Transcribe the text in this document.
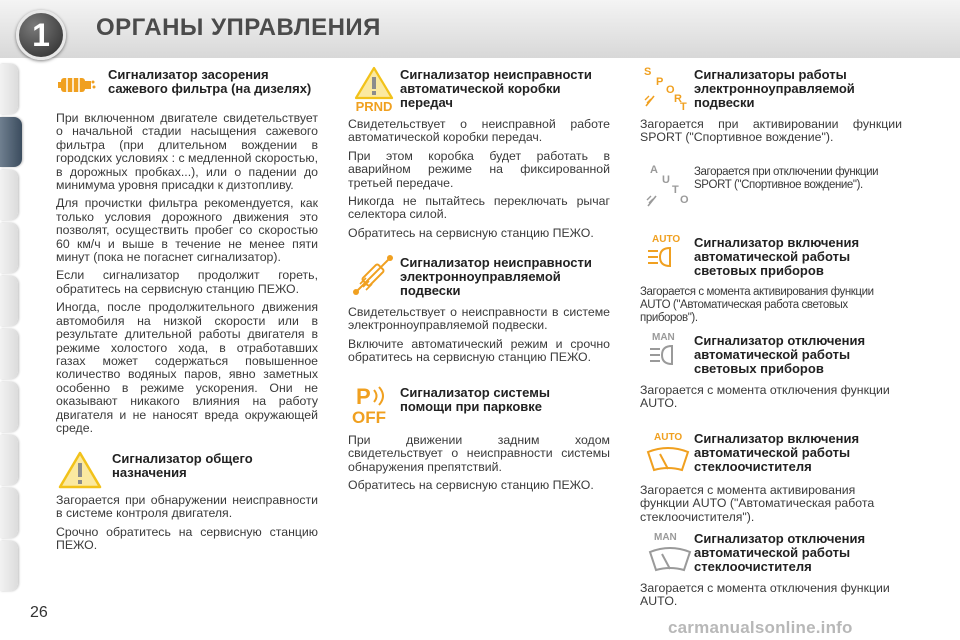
1 ОРГАНЫ УПРАВЛЕНИЯ
Сигнализатор засорения сажевого фильтра (на дизелях)

При включенном двигателе свидетельствует о начальной стадии насыщения сажевого фильтра (при длительном вождении в городских условиях : с медленной скоростью, в дорожных пробках...), или о падении до минимума уровня присадки к дизтопливу.

Для прочистки фильтра рекомендуется, как только условия дорожного движения это позволят, осуществить пробег со скоростью 60 км/ч и выше в течение не менее пяти минут (пока не погаснет сигнализатор).

Если сигнализатор продолжит гореть, обратитесь на сервисную станцию ПЕЖО.

Иногда, после продолжительного движения автомобиля на низкой скорости или в результате длительной работы двигателя в режиме холостого хода, в отработавших газах может содержаться повышенное количество водяных паров, явно заметных особенно в режиме ускорения. Они не оказывают никакого влияния на работу двигателя и не наносят вреда окружающей среде.

Сигнализатор общего назначения

Загорается при обнаружении неисправности в системе контроля двигателя.

Срочно обратитесь на сервисную станцию ПЕЖО.

PRND
Сигнализатор неисправности автоматической коробки передач

Свидетельствует о неисправной работе автоматической коробки передач.

При этом коробка будет работать в аварийном режиме на фиксированной третьей передаче.

Никогда не пытайтесь переключать рычаг селектора силой.

Обратитесь на сервисную станцию ПЕЖО.

Сигнализатор неисправности электронноуправляемой подвески

Свидетельствует о неисправности в системе электронноуправляемой подвески.

Включите автоматический режим и срочно обратитесь на сервисную станцию ПЕЖО.

P
OFF
Сигнализатор системы помощи при парковке

При движении задним ходом свидетельствует о неисправности системы обнаружения препятствий.

Обратитесь на сервисную станцию ПЕЖО.

S
P
O
R
T
Сигнализаторы работы электронноуправляемой подвески

Загорается при активировании функции SPORT ("Спортивное вождение").

A
U
T
O

Загорается при отключении функции SPORT ("Спортивное вождение").

AUTO Сигнализатор включения автоматической работы световых приборов

Загорается с момента активирования функции AUTO ("Автоматическая работа световых приборов").

MAN Сигнализатор отключения автоматической работы световых приборов

Загорается с момента отключения функции AUTO.

AUTO Сигнализатор включения автоматической работы стеклоочистителя

Загорается с момента активирования функции AUTO ("Автоматическая работа стеклоочистителя").

MAN Сигнализатор отключения автоматической работы стеклоочистителя

Загорается с момента отключения функции AUTO.

26
carmanualsonline.info
